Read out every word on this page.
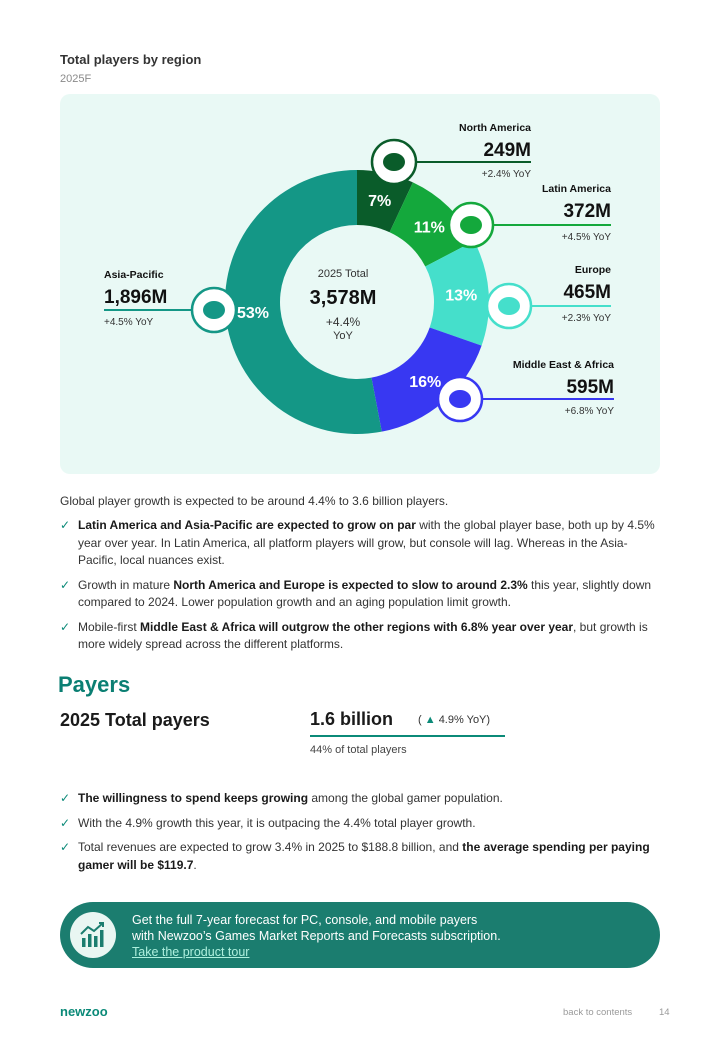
Total players by region
2025F
7%
11%
13%
16%
53%
2025 Total
3,578M
+4.4%
YoY
North America
249M
+2.4% YoY
Latin America
372M
+4.5% YoY
Europe
465M
+2.3% YoY
Middle East & Africa
595M
+6.8% YoY
Asia-Pacific
1,896M
+4.5% YoY
Global player growth is expected to be around 4.4% to 3.6 billion players.
✓ Latin America and Asia-Pacific are expected to grow on par with the global player base, both up by 4.5% year over year. In Latin America, all platform players will grow, but console will lag. Whereas in the Asia-Pacific, local nuances exist.
✓ Growth in mature North America and Europe is expected to slow to around 2.3% this year, slightly down compared to 2024. Lower population growth and an aging population limit growth.
✓ Mobile-first Middle East & Africa will outgrow the other regions with 6.8% year over year, but growth is more widely spread across the different platforms.
Payers
2025 Total payers	1.6 billion ( ▲ 4.9% YoY)
44% of total players
✓ The willingness to spend keeps growing among the global gamer population.
✓ With the 4.9% growth this year, it is outpacing the 4.4% total player growth.
✓ Total revenues are expected to grow 3.4% in 2025 to $188.8 billion, and the average spending per paying gamer will be $119.7.
Get the full 7-year forecast for PC, console, and mobile payers
with Newzoo’s Games Market Reports and Forecasts subscription.
Take the product tour
newzoo	back to contents	14
